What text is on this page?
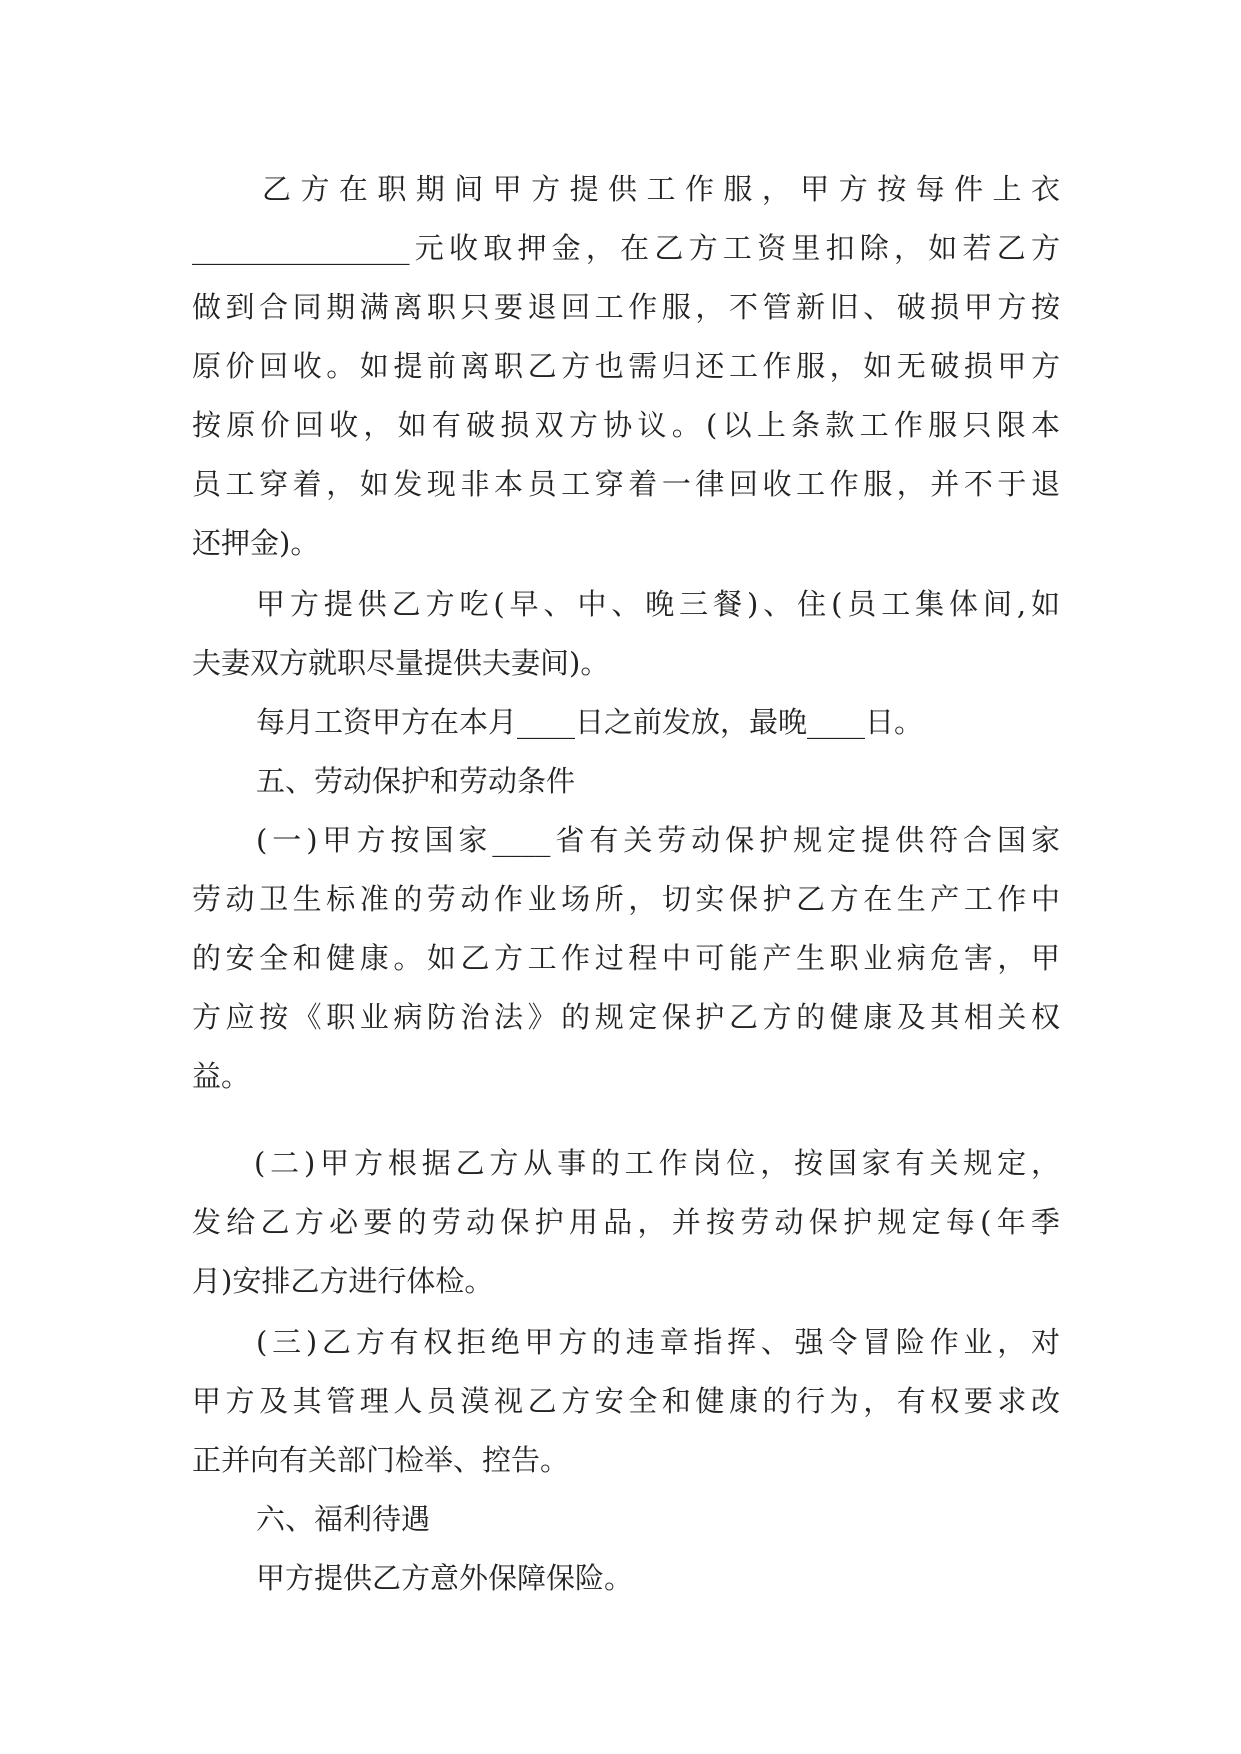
乙方在职期间甲方提供工作服，甲方按每件上衣
_______________元收取押金，在乙方工资里扣除，如若乙方
做到合同期满离职只要退回工作服，不管新旧、破损甲方按
原价回收。如提前离职乙方也需归还工作服，如无破损甲方
按原价回收，如有破损双方协议。(以上条款工作服只限本
员工穿着，如发现非本员工穿着一律回收工作服，并不于退
还押金)。
甲方提供乙方吃(早、中、晚三餐)、住(员工集体间,如
夫妻双方就职尽量提供夫妻间)。
每月工资甲方在本月____日之前发放，最晚____日。
五、劳动保护和劳动条件
(一)甲方按国家____省有关劳动保护规定提供符合国家
劳动卫生标准的劳动作业场所，切实保护乙方在生产工作中
的安全和健康。如乙方工作过程中可能产生职业病危害，甲
方应按《职业病防治法》的规定保护乙方的健康及其相关权
益。
(二)甲方根据乙方从事的工作岗位，按国家有关规定，
发给乙方必要的劳动保护用品，并按劳动保护规定每(年季
月)安排乙方进行体检。
(三)乙方有权拒绝甲方的违章指挥、强令冒险作业，对
甲方及其管理人员漠视乙方安全和健康的行为，有权要求改
正并向有关部门检举、控告。
六、福利待遇
甲方提供乙方意外保障保险。
